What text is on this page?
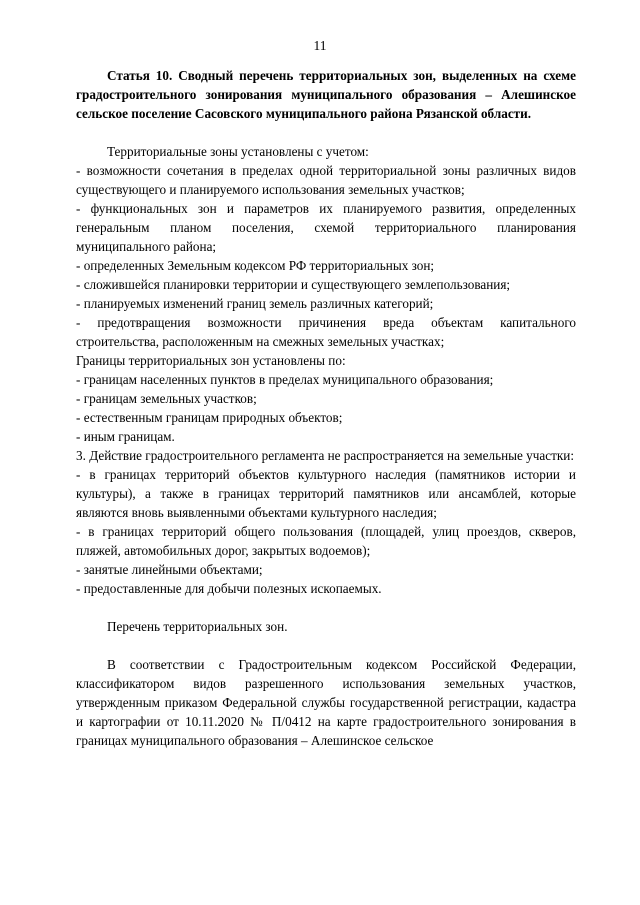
11

Статья 10. Сводный перечень территориальных зон, выделенных на схеме градостроительного зонирования муниципального образования – Алешинское сельское поселение Сасовского муниципального района Рязанской области.

Территориальные зоны установлены с учетом:

- возможности сочетания в пределах одной территориальной зоны различных видов существующего и планируемого использования земельных участков;

- функциональных зон и параметров их планируемого развития, определенных генеральным планом поселения, схемой территориального планирования муниципального района;

- определенных Земельным кодексом РФ территориальных зон;

- сложившейся планировки территории и существующего землепользования;

- планируемых изменений границ земель различных категорий;

- предотвращения возможности причинения вреда объектам капитального строительства, расположенным на смежных земельных участках;

Границы территориальных зон установлены по:

- границам населенных пунктов в пределах муниципального образования;

- границам земельных участков;

- естественным границам природных объектов;

- иным границам.

3. Действие градостроительного регламента не распространяется на земельные участки:

- в границах территорий объектов культурного наследия (памятников истории и культуры), а также в границах территорий памятников или ансамблей, которые являются вновь выявленными объектами культурного наследия;

- в границах территорий общего пользования (площадей, улиц проездов, скверов, пляжей, автомобильных дорог, закрытых водоемов);

- занятые линейными объектами;

- предоставленные для добычи полезных ископаемых.

Перечень территориальных зон.

В соответствии с Градостроительным кодексом Российской Федерации, классификатором видов разрешенного использования земельных участков, утвержденным приказом Федеральной службы государственной регистрации, кадастра и картографии от 10.11.2020 № П/0412 на карте градостроительного зонирования в границах муниципального образования – Алешинское сельское
